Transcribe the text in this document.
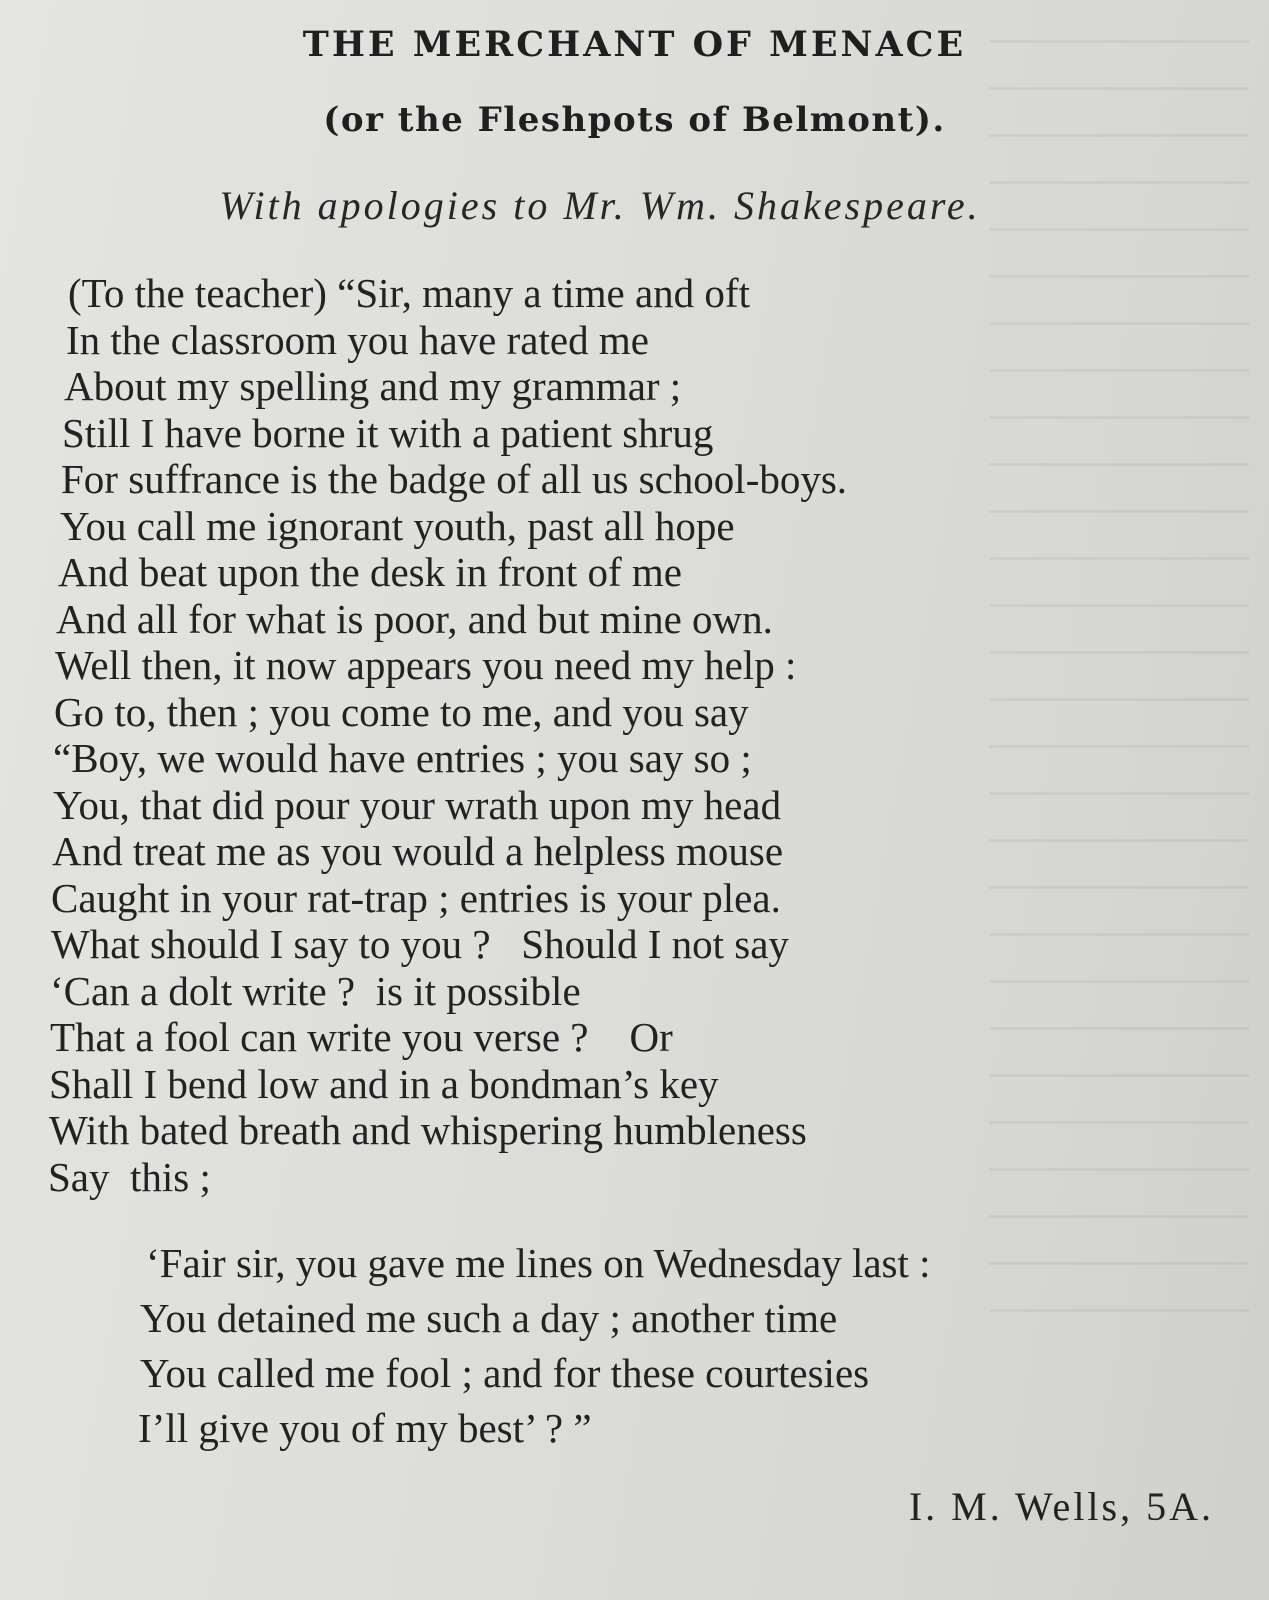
THE MERCHANT OF MENACE
(or the Fleshpots of Belmont).

With apologies to Mr. Wm. Shakespeare.

(To the teacher) “Sir, many a time and oft
In the classroom you have rated me
About my spelling and my grammar ;
Still I have borne it with a patient shrug
For suffrance is the badge of all us school-boys.
You call me ignorant youth, past all hope
And beat upon the desk in front of me
And all for what is poor, and but mine own.
Well then, it now appears you need my help :
Go to, then ; you come to me, and you say
“Boy, we would have entries ; you say so ;
You, that did pour your wrath upon my head
And treat me as you would a helpless mouse
Caught in your rat-trap ; entries is your plea.
What should I say to you ?   Should I not say
‘Can a dolt write ?  is it possible
That a fool can write you verse ?    Or
Shall I bend low and in a bondman’s key
With bated breath and whispering humbleness
Say  this ;
‘Fair sir, you gave me lines on Wednesday last :
You detained me such a day ; another time
You called me fool ; and for these courtesies
I’ll give you of my best’ ? ”
I. M. Wells, 5A.
